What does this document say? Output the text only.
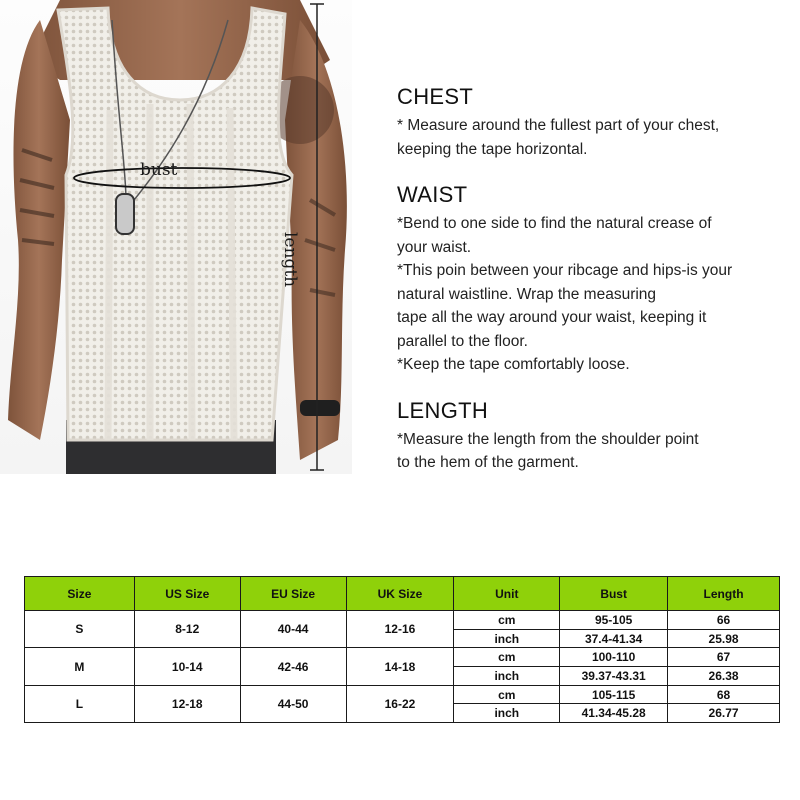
bust
length
CHEST
* Measure around the fullest part of your chest,
keeping the tape horizontal.
WAIST
*Bend to one side to find the natural crease of
your waist.
*This poin between your ribcage and hips-is your
natural waistline. Wrap the measuring
tape all the way around your waist, keeping it
parallel to the floor.
*Keep the tape comfortably loose.
LENGTH
*Measure the length from the shoulder point
to the hem of the garment.
Size	US Size	EU Size	UK Size	Unit	Bust	Length
S	8-12	40-44	12-16	cm	95-105	66
				inch	37.4-41.34	25.98
M	10-14	42-46	14-18	cm	100-110	67
				inch	39.37-43.31	26.38
L	12-18	44-50	16-22	cm	105-115	68
				inch	41.34-45.28	26.77
